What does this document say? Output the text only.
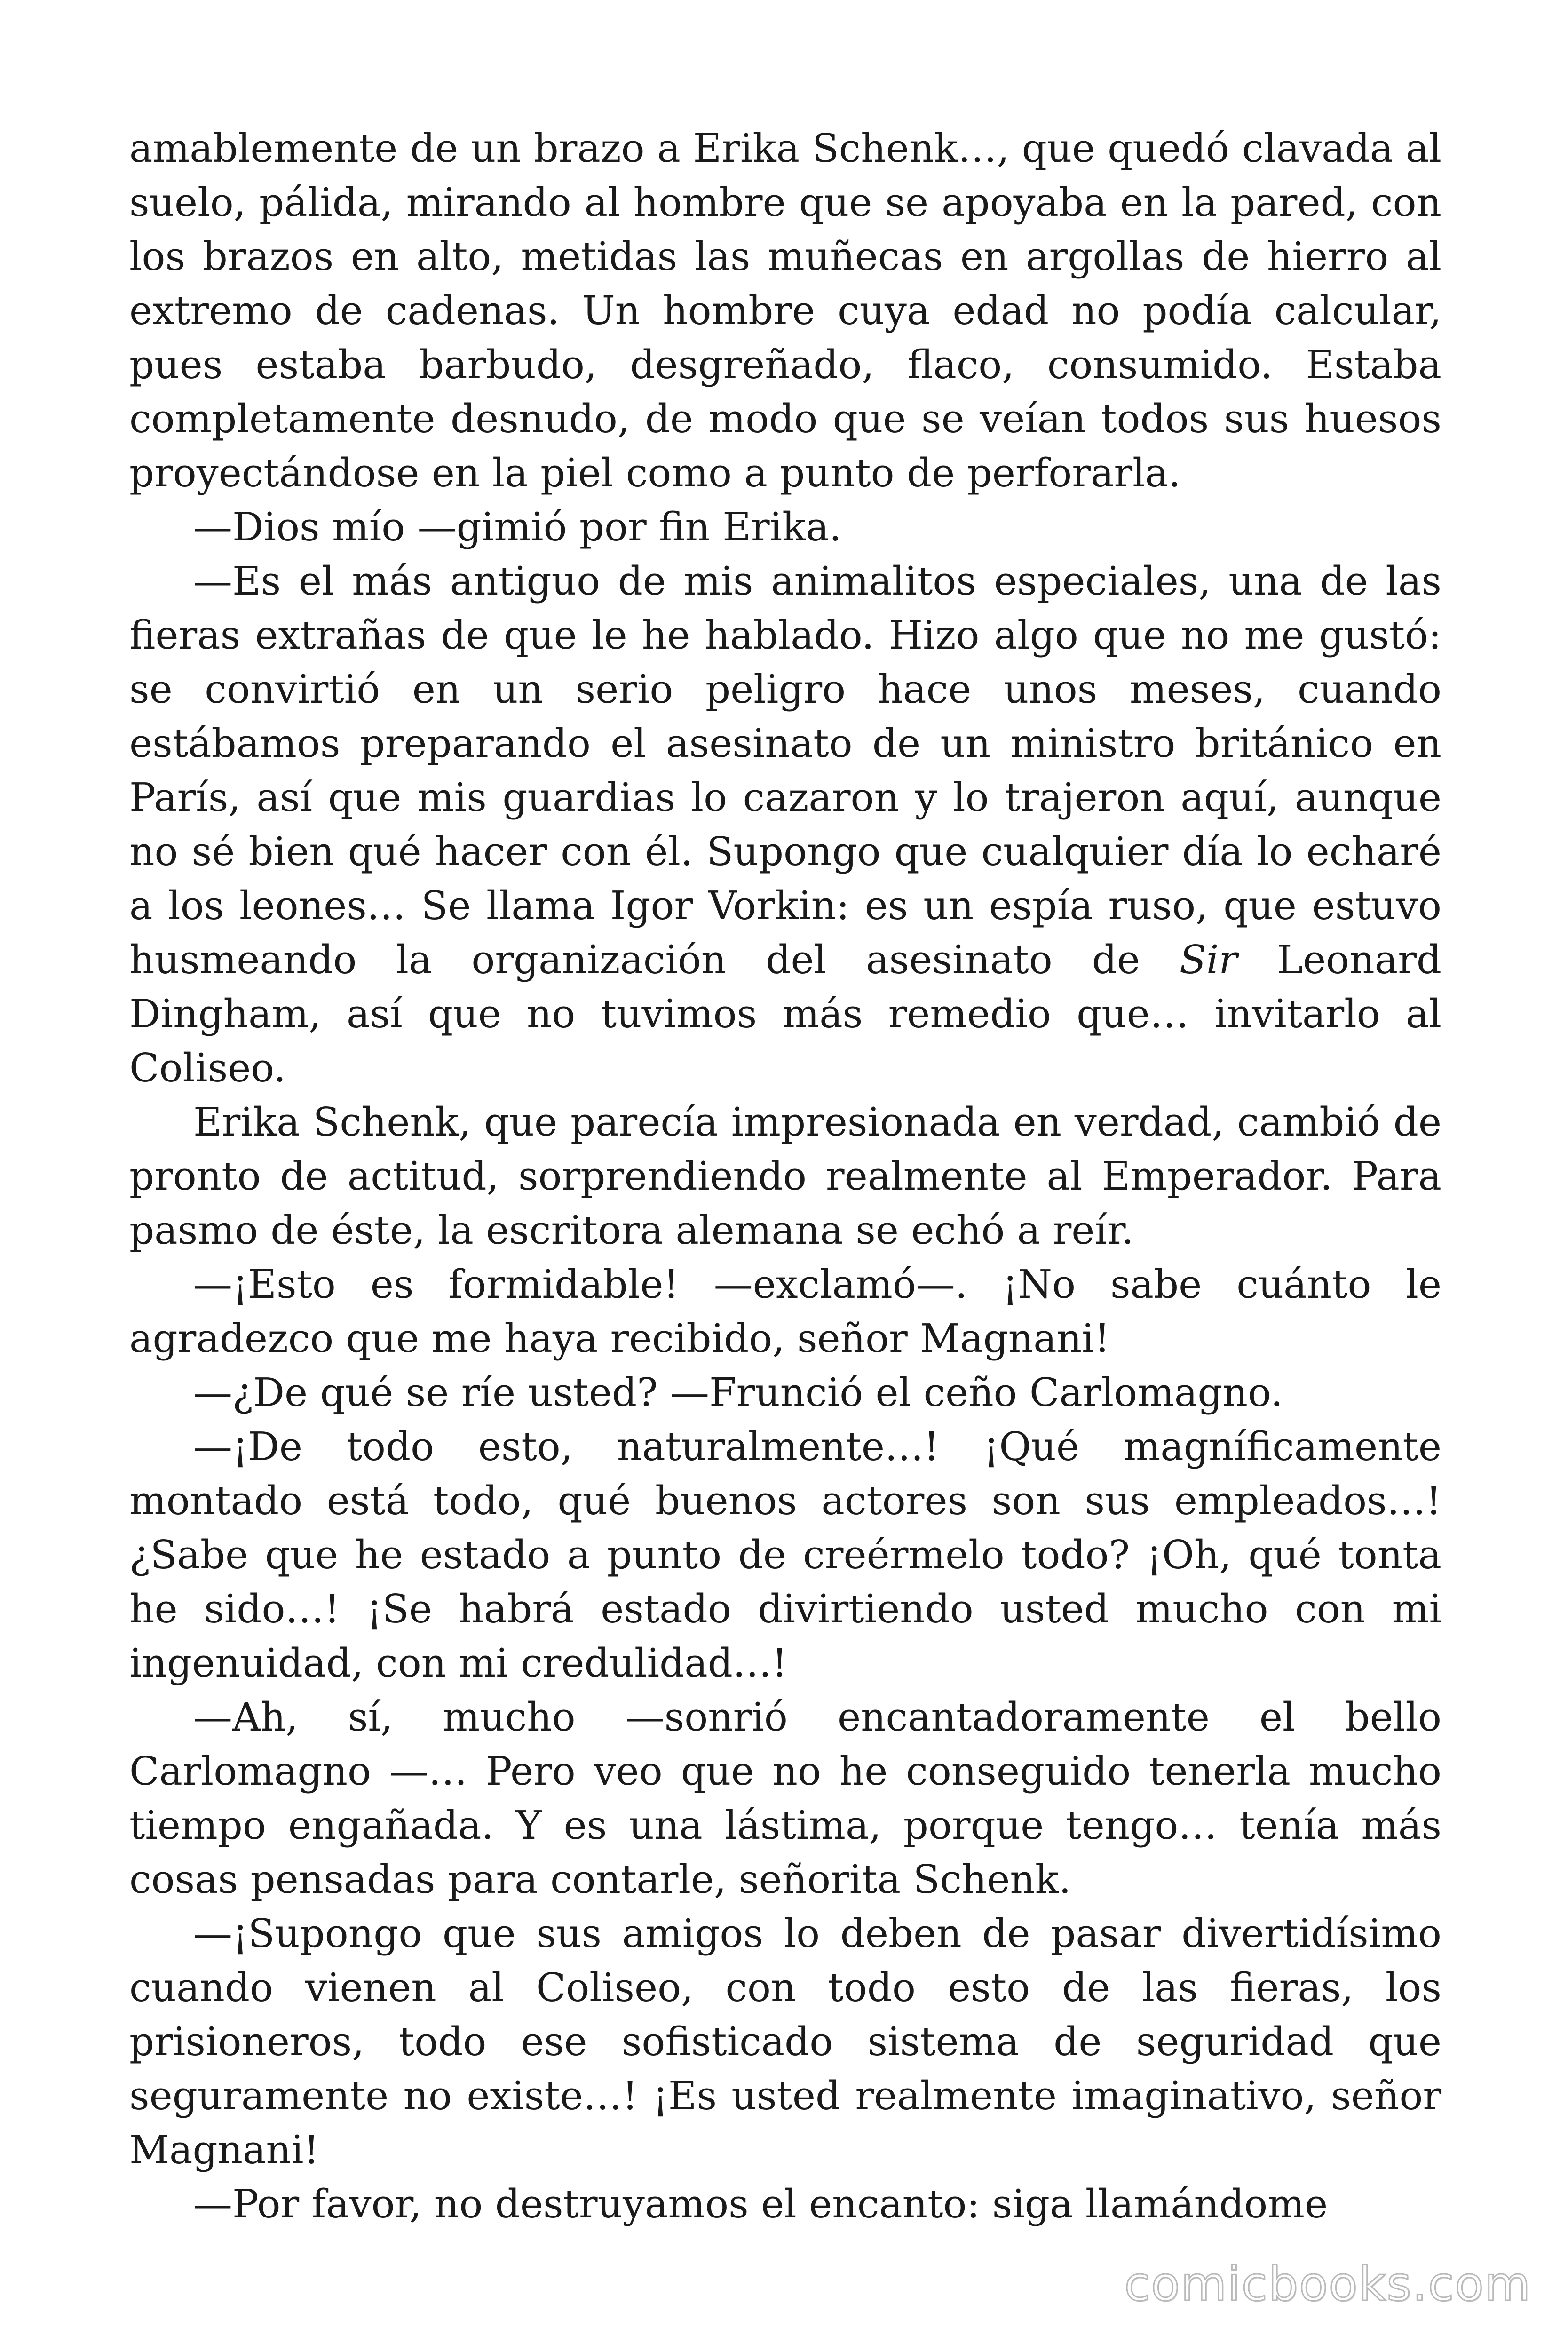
amablemente de un brazo a Erika Schenk…, que quedó clavada al suelo, pálida, mirando al hombre que se apoyaba en la pared, con los brazos en alto, metidas las muñecas en argollas de hierro al extremo de cadenas. Un hombre cuya edad no podía calcular, pues estaba barbudo, desgreñado, flaco, consumido. Estaba completamente desnudo, de modo que se veían todos sus huesos proyectándose en la piel como a punto de perforarla.

—Dios mío —gimió por fin Erika.

—Es el más antiguo de mis animalitos especiales, una de las fieras extrañas de que le he hablado. Hizo algo que no me gustó: se convirtió en un serio peligro hace unos meses, cuando estábamos preparando el asesinato de un ministro británico en París, así que mis guardias lo cazaron y lo trajeron aquí, aunque no sé bien qué hacer con él. Supongo que cualquier día lo echaré a los leones… Se llama Igor Vorkin: es un espía ruso, que estuvo husmeando la organización del asesinato de Sir Leonard Dingham, así que no tuvimos más remedio que… invitarlo al Coliseo.

Erika Schenk, que parecía impresionada en verdad, cambió de pronto de actitud, sorprendiendo realmente al Emperador. Para pasmo de éste, la escritora alemana se echó a reír.

—¡Esto es formidable! —exclamó—. ¡No sabe cuánto le agradezco que me haya recibido, señor Magnani!

—¿De qué se ríe usted? —Frunció el ceño Carlomagno.

—¡De todo esto, naturalmente…! ¡Qué magníficamente montado está todo, qué buenos actores son sus empleados…! ¿Sabe que he estado a punto de creérmelo todo? ¡Oh, qué tonta he sido…! ¡Se habrá estado divirtiendo usted mucho con mi ingenuidad, con mi credulidad…!

—Ah, sí, mucho —sonrió encantadoramente el bello Carlomagno —… Pero veo que no he conseguido tenerla mucho tiempo engañada. Y es una lástima, porque tengo… tenía más cosas pensadas para contarle, señorita Schenk.

—¡Supongo que sus amigos lo deben de pasar divertidísimo cuando vienen al Coliseo, con todo esto de las fieras, los prisioneros, todo ese sofisticado sistema de seguridad que seguramente no existe…! ¡Es usted realmente imaginativo, señor Magnani!

—Por favor, no destruyamos el encanto: siga llamándome

comicbooks.com
